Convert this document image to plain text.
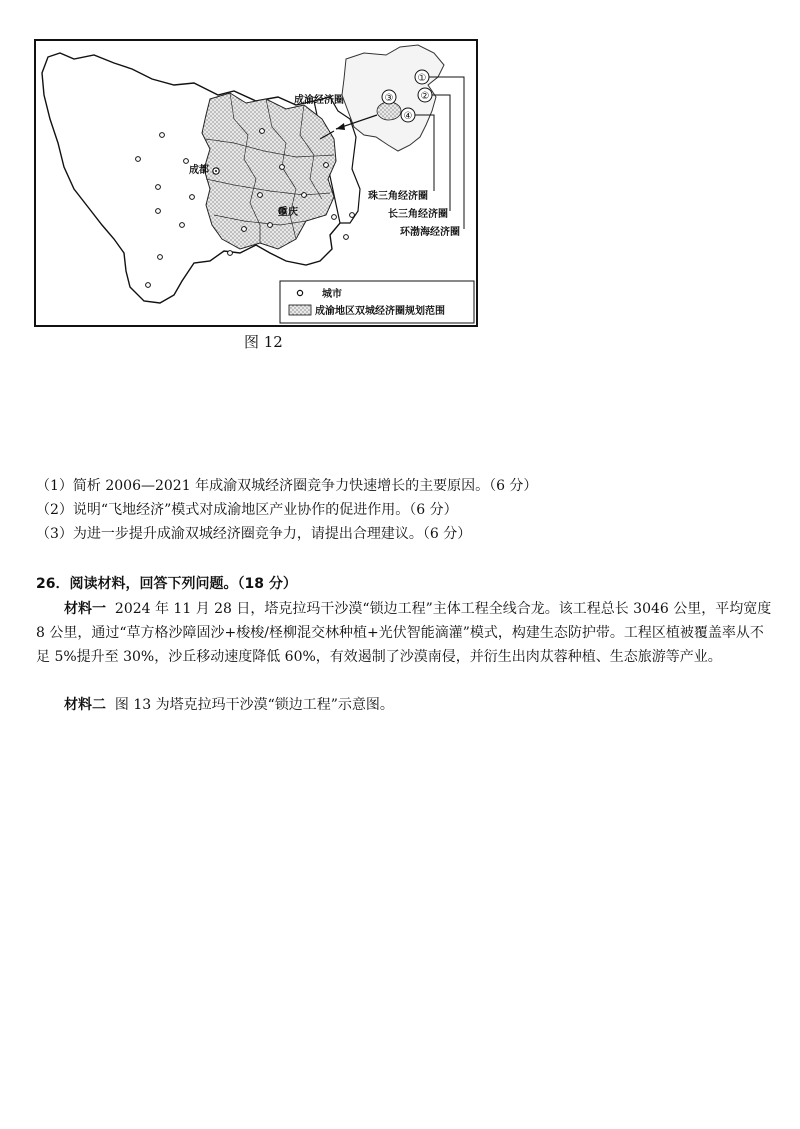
成都
重庆
成渝经济圈
①
②
③
④
珠三角经济圈
长三角经济圈
环渤海经济圈
城市
成渝地区双城经济圈规划范围
图 12
（1）简析 2006—2021 年成渝双城经济圈竞争力快速增长的主要原因。（6 分）
（2）说明“飞地经济”模式对成渝地区产业协作的促进作用。（6 分）
（3）为进一步提升成渝双城经济圈竞争力，请提出合理建议。（6 分）
26．阅读材料，回答下列问题。（18 分）
材料一 2024 年 11 月 28 日，塔克拉玛干沙漠“锁边工程”主体工程全线合龙。该工程总长 3046 公里，平均宽度 8 公里，通过“草方格沙障固沙+梭梭/柽柳混交林种植+光伏智能滴灌”模式，构建生态防护带。工程区植被覆盖率从不足 5%提升至 30%，沙丘移动速度降低 60%，有效遏制了沙漠南侵，并衍生出肉苁蓉种植、生态旅游等产业。
材料二 图 13 为塔克拉玛干沙漠“锁边工程”示意图。
